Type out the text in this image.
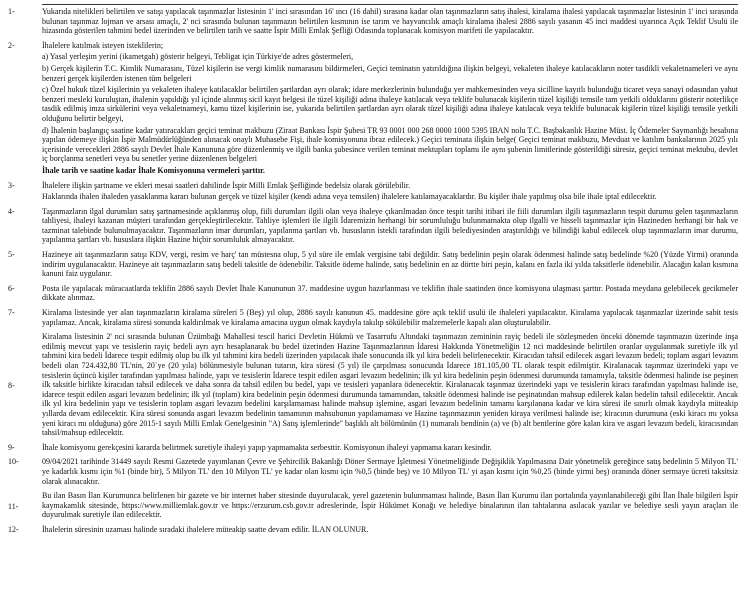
1-	Yukarıda nitelikleri belirtilen ve satışı yapılacak taşınmazlar listesinin 1' inci sırasından 16' ıncı (16 dahil) sırasına kadar olan taşınmazların satış ihalesi, kiralama ihalesi yapılacak taşınmazlar listesinin 1' inci sırasında bulunan taşınmaz lojman ve arsası amaçlı, 2' nci sırasında bulunan taşınmazın belirtilen kısmının ise tarım ve hayvancılık amaçlı kiralama ihalesi 2886 sayılı yasanın 45 inci maddesi uyarınca Açık Teklif Usulü ile hizasında gösterilen tahmini bedel üzerinden ve belirtilen tarih ve saatte İspir Milli Emlak Şefliği Odasında toplanacak komisyon marifeti ile yapılacaktır.

2-	İhalelere katılmak isteyen isteklilerin;

a) Yasal yerleşim yerini (ikametgah) gösterir belgeyi, Tebligat için Türkiye'de adres göstermeleri,

b) Gerçek kişilerin T.C. Kimlik Numarasını, Tüzel kişilerin ise vergi kimlik numarasını bildirmeleri, Geçici teminatın yatırıldığına ilişkin belgeyi, vekaleten ihaleye katılacakların noter tasdikli vekaletnameleri ve aynı benzeri gerçek kişilerden istenen tüm belgeleri

c) Özel hukuk tüzel kişilerinin ya vekaleten ihaleye katılacaklar belirtilen şartlardan ayrı olarak; idare merkezlerinin bulunduğu yer mahkemesinden veya sicilline kayıtlı bulunduğu ticaret veya sanayi odasından yahut benzeri mesleki kuruluştan, ihalenin yapıldığı yıl içinde alınmış sicil kayıt belgesi ile tüzel kişiliği adına ihaleye katılacak veya teklife bulunacak kişilerin tüzel kişiliği temsile tam yetkili olduklarını gösterir noterlikçe tasdik edilmiş imza sirkülerini veya vekaletnameyi, kamu tüzel kişilerinin ise, yukarıda belirtilen şartlardan ayrı olarak tüzel kişiliği adına ihaleye katılacak veya teklife bulunacak kişilerin tüzel kişiliği temsile yetkili olduğunu belirtir belgeyi,

d) İhalenin başlangıç saatine kadar yatıracakları geçici teminat makbuzu (Ziraat Bankası İspir Şubesi TR 93 0001 000 268 0000 1000 5395 IBAN nolu T.C. Başbakanlık Hazine Müst. İç Ödemeler Saymanlığı hesabına yapılan ödemeye ilişkin İspir Malmüdürlüğünden alınacak onaylı Muhasebe Fişi, ihale komisyonuna ibraz edilecek.) Geçici teminata ilişkin belge( Geçici teminat makbuzu, Mevduat ve katılım bankalarının 2025 yılı içerisinde verecekleri 2886 sayılı Devlet İhale Kanununa göre düzenlenmiş ve ilgili banka şubesince verilen teminat mektupları toplamı ile aynı şubenin limitlerinde gösterildiği süresiz, geçici teminat mektubu, devlet iç borçlanma senetleri veya bu senetler yerine düzenlenen belgeleri

İhale tarih ve saatine kadar İhale Komisyonuna vermeleri şarttır.

3-	İhalelere ilişkin şartname ve ekleri mesai saatleri dahilinde İspir Milli Emlak Şefliğinde bedelsiz olarak görülebilir.

Haklarında ihalen ihaleden yasaklanma kararı bulunan gerçek ve tüzel kişiler (kendi adına veya temsilen) ihalelere katılamayacaklardır. Bu kişiler ihale yapılmış olsa bile ihale iptal edilecektir.

4-	Taşınmazların ilgal durumları satış şartnamesinde açıklanmış olup, fiili durumları ilgili olan veya ihaleye çıkarılmadan önce tespit tarihi itibari ile fiili durumları ilgili taşınmazların tespit durumu gelen taşınmazların tahliyesi, ihaleyi kazanan müşteri tarafından gerçekleştirilecektir. Tahliye işlemleri ile ilgili İdaremizin herhangi bir sorumluluğu bulunmamakta olup ilgalli ve hisseli taşınmazlar için Hazineden herhangi bir hak ve tazminat talebinde bulunulmayacaktır. Taşınmazların imar durumları, yapılanma şartları vb. hususların istekli tarafından ilgili belediyesinden araştırıldığı ve bilindiği kabul edilecek olup taşınmazların imar durumu, yapılanma şartları vb. hususlara ilişkin Hazine hiçbir sorumluluk almayacaktır.

5-	Hazineye ait taşınmazların satışı KDV, vergi, resim ve harç' tan müstesna olup, 5 yıl süre ile emlak vergisine tabi değildir. Satış bedelinin peşin olarak ödenmesi halinde satış bedelinde %20 (Yüzde Yirmi) oranında indirim uygulanacaktır. Hazineye ait taşınmazların satış bedeli taksitle de ödenebilir. Taksitle ödeme halinde, satış bedelinin en az dörtte biri peşin, kalanı en fazla iki yılda taksitlerle ödenebilir. Alacağın kalan kısmına kanuni faiz uygulanır.

6-	Posta ile yapılacak müracaatlarda teklifin 2886 sayılı Devlet İhale Kanununun 37. maddesine uygun hazırlanması ve teklifin ihale saatinden önce komisyona ulaşması şarttır. Postada meydana gelebilecek gecikmeler dikkate alınmaz.

7-	Kiralama listesinde yer alan taşınmazların kiralama süreleri 5 (Beş) yıl olup, 2886 sayılı kanunun 45. maddesine göre açık teklif usulü ile ihaleleri yapılacaktır. Kiralama yapılacak taşınmazlar üzerinde sabit tesis yapılamaz. Ancak, kiralama süresi sonunda kaldırılmak ve kiralama amacına uygun olmak kaydıyla takılıp sökülebilir malzemelerle kapalı alan oluşturulabilir.

8-

Kiralama listesinin 2' nci sırasında bulunan Üzümbağı Mahallesi tescil harici Devletin Hükmü ve Tasarrufu Altındaki taşınmazın zemininin rayiç bedeli ile sözleşmeden önceki dönemde taşınmazın üzerinde inşa edilmiş mevcut yapı ve tesislerin rayiç bedeli ayrı ayrı hesaplanarak bu bedel üzerinden Hazine Taşınmazlarının İdaresi Hakkında Yönetmeliğin 12 nci maddesinde belirtilen oranlar uygulanmak suretiyle ilk yıl tahmini kira bedeli İdarece tespit edilmiş olup bu ilk yıl tahmini kira bedeli üzerinden yapılacak ihale sonucunda ilk yıl kira bedeli belirlenecektir. Kiracıdan tahsil edilecek asgari levazım bedeli; toplam asgari levazım bedeli olan 724.432,80 TL'nin, 20`ye (20 yıla) bölünmesiyle bulunan tutarın, kira süresi (5 yıl) ile çarpılması sonucunda İdarece 181.105,00 TL olarak tespit edilmiştir. Kiralanacak taşınmaz üzerindeki yapı ve tesislerin üçüncü kişiler tarafından yapılması halinde, yapı ve tesislerin İdarece tespit edilen asgari levazım bedelinin; ilk yıl kira bedelinin peşin ödenmesi durumunda tamamıyla, taksitle ödenmesi halinde ise peşinen ilk taksitle birlikte kiracıdan tahsil edilecek ve daha sonra da tahsil edilen bu bedel, yapı ve tesisleri yapanlara ödenecektir. Kiralanacak taşınmaz üzerindeki yapı ve tesislerin kiracı tarafından yapılması halinde ise, idarece tespit edilen asgari levazım bedelinin; ilk yıl (toplam) kira bedelinin peşin ödenmesi durumunda tamamından, taksitle ödenmesi halinde ise peşinatından mahsup edilerek kalan bedelin tahsil edilecektir. Ancak ilk yıl kira bedelinin yapı ve tesislerin toplam asgari levazım bedelini karşılamaması halinde mahsup işlemine, asgari levazım bedelinin tamamı karşılanana kadar ve kira süresi ile sınırlı olmak kaydıyla müteakip yıllarda devam edilecektir. Kira süresi sonunda asgari levazım bedelinin tamamının mahsubunun yapılamaması ve Hazine taşınmazının yeniden kiraya verilmesi halinde ise; kiracının durumuna (eski kiracı mı yoksa yeni kiracı mı olduğuna) göre 2015-1 sayılı Milli Emlak Genelgesinin "A) Satış işlemlerinde" başlıklı alt bölümünün (1) numaralı bendinin (a) ve (b) alt bentlerine göre kalan kira ve asgari levazım bedeli, kiracısından tahsil/mahsup edilecektir.

9-	İhale komisyonu gerekçesini kararda belirtmek suretiyle ihaleyi yapıp yapmamakta serbesttir. Komisyonun ihaleyi yapmama kararı kesindir.

10-	09/04/2021 tarihinde 31449 sayılı Resmi Gazetede yayımlanan Çevre ve Şehircilik Bakanlığı Döner Sermaye İşletmesi Yönetmeliğinde Değişiklik Yapılmasına Dair yönetmelik gereğince satış bedelinin 5 Milyon TL' ye kadarlık kısmı için %1 (binde bir), 5 Milyon TL' den 10 Milyon TL' ye kadar olan kısmı için %0,5 (binde beş) ve 10 Milyon TL' yi aşan kısmı için %0,25 (binde yirmi beş) oranında döner sermaye ücreti taksitsiz olarak alınacaktır.

11-

Bu ilan Basın İlan Kurumunca belirlenen bir gazete ve bir internet haber sitesinde duyurulacak, yerel gazetenin bulunmaması halinde, Basın İlan Kurumu ilan portalında yayınlanabileceği gibi İlan İhale bilgileri İspir kaymakamlık sitesinde, https://www.milliemlak.gov.tr ve https://erzurum.csb.gov.tr adreslerinde, İspir Hükümet Konağı ve belediye binalarının ilan tahtalarına asılacak yazılar ve belediye sesli yayın araçları ile duyurulmak suretiyle ilan edilecektir.

12-	İhalelerin süresinin uzaması halinde sıradaki ihalelere müteakip saatte devam edilir. İLAN OLUNUR.
